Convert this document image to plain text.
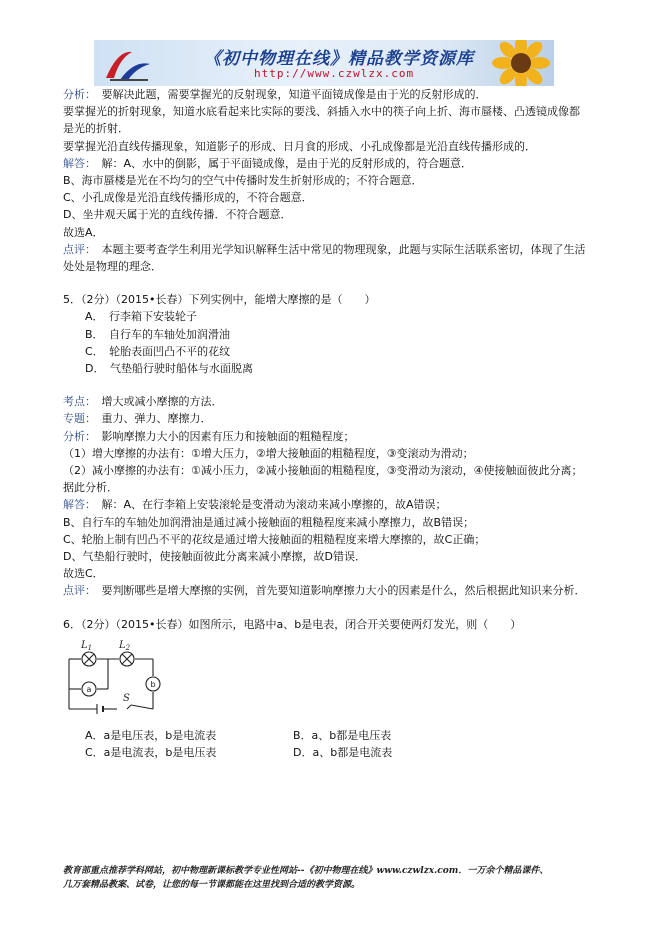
《初中物理在线》精品教学资源库
http://www.czwlzx.com

分析：　 要解决此题，需要掌握光的反射现象，知道平面镜成像是由于光的反射形成的．

要掌握光的折射现象，知道水底看起来比实际的要浅、斜插入水中的筷子向上折、海市蜃楼、凸透镜成像都是光的折射．

要掌握光沿直线传播现象，知道影子的形成、日月食的形成、小孔成像都是光沿直线传播形成的．

解答：　 解：A、水中的倒影，属于平面镜成像，是由于光的反射形成的，符合题意．

B、海市蜃楼是光在不均匀的空气中传播时发生折射形成的；不符合题意．

C、小孔成像是光沿直线传播形成的，不符合题意．

D、坐井观天属于光的直线传播．不符合题意．

故选A．

点评：　 本题主要考查学生利用光学知识解释生活中常见的物理现象，此题与实际生活联系密切，体现了生活处处是物理的理念．

5．（2分）（2015•长春）下列实例中，能增大摩擦的是（　　）

A．　行李箱下安装轮子

B．　自行车的车轴处加润滑油

C．　轮胎表面凹凸不平的花纹

D．　气垫船行驶时船体与水面脱离

考点：　 增大或减小摩擦的方法．

专题：　 重力、弹力、摩擦力．

分析：　 影响摩擦力大小的因素有压力和接触面的粗糙程度；

（1）增大摩擦的办法有：①增大压力，②增大接触面的粗糙程度，③变滚动为滑动；

（2）减小摩擦的办法有：①减小压力，②减小接触面的粗糙程度，③变滑动为滚动，④使接触面彼此分离；据此分析．

解答：　 解：A、在行李箱上安装滚轮是变滑动为滚动来减小摩擦的，故A错误；

B、自行车的车轴处加润滑油是通过减小接触面的粗糙程度来减小摩擦力，故B错误；

C、轮胎上制有凹凸不平的花纹是通过增大接触面的粗糙程度来增大摩擦的，故C正确；

D、气垫船行驶时，使接触面彼此分离来减小摩擦，故D错误．

故选C．

点评：　 要判断哪些是增大摩擦的实例，首先要知道影响摩擦力大小的因素是什么，然后根据此知识来分析．

6．（2分）（2015•长春）如图所示，电路中a、b是电表，闭合开关要使两灯发光，则（　　）

$L_1$	$L_2$
S
a
b
A．a是电压表，b是电流表	B．a、b都是电压表
C．a是电流表，b是电压表	D．a、b都是电流表
教育部重点推荐学科网站，初中物理新课标教学专业性网站--《初中物理在线》www.czwlzx.com．一万余个精品课件、
几万套精品教案、试卷，让您的每一节课都能在这里找到合适的教学资源。
